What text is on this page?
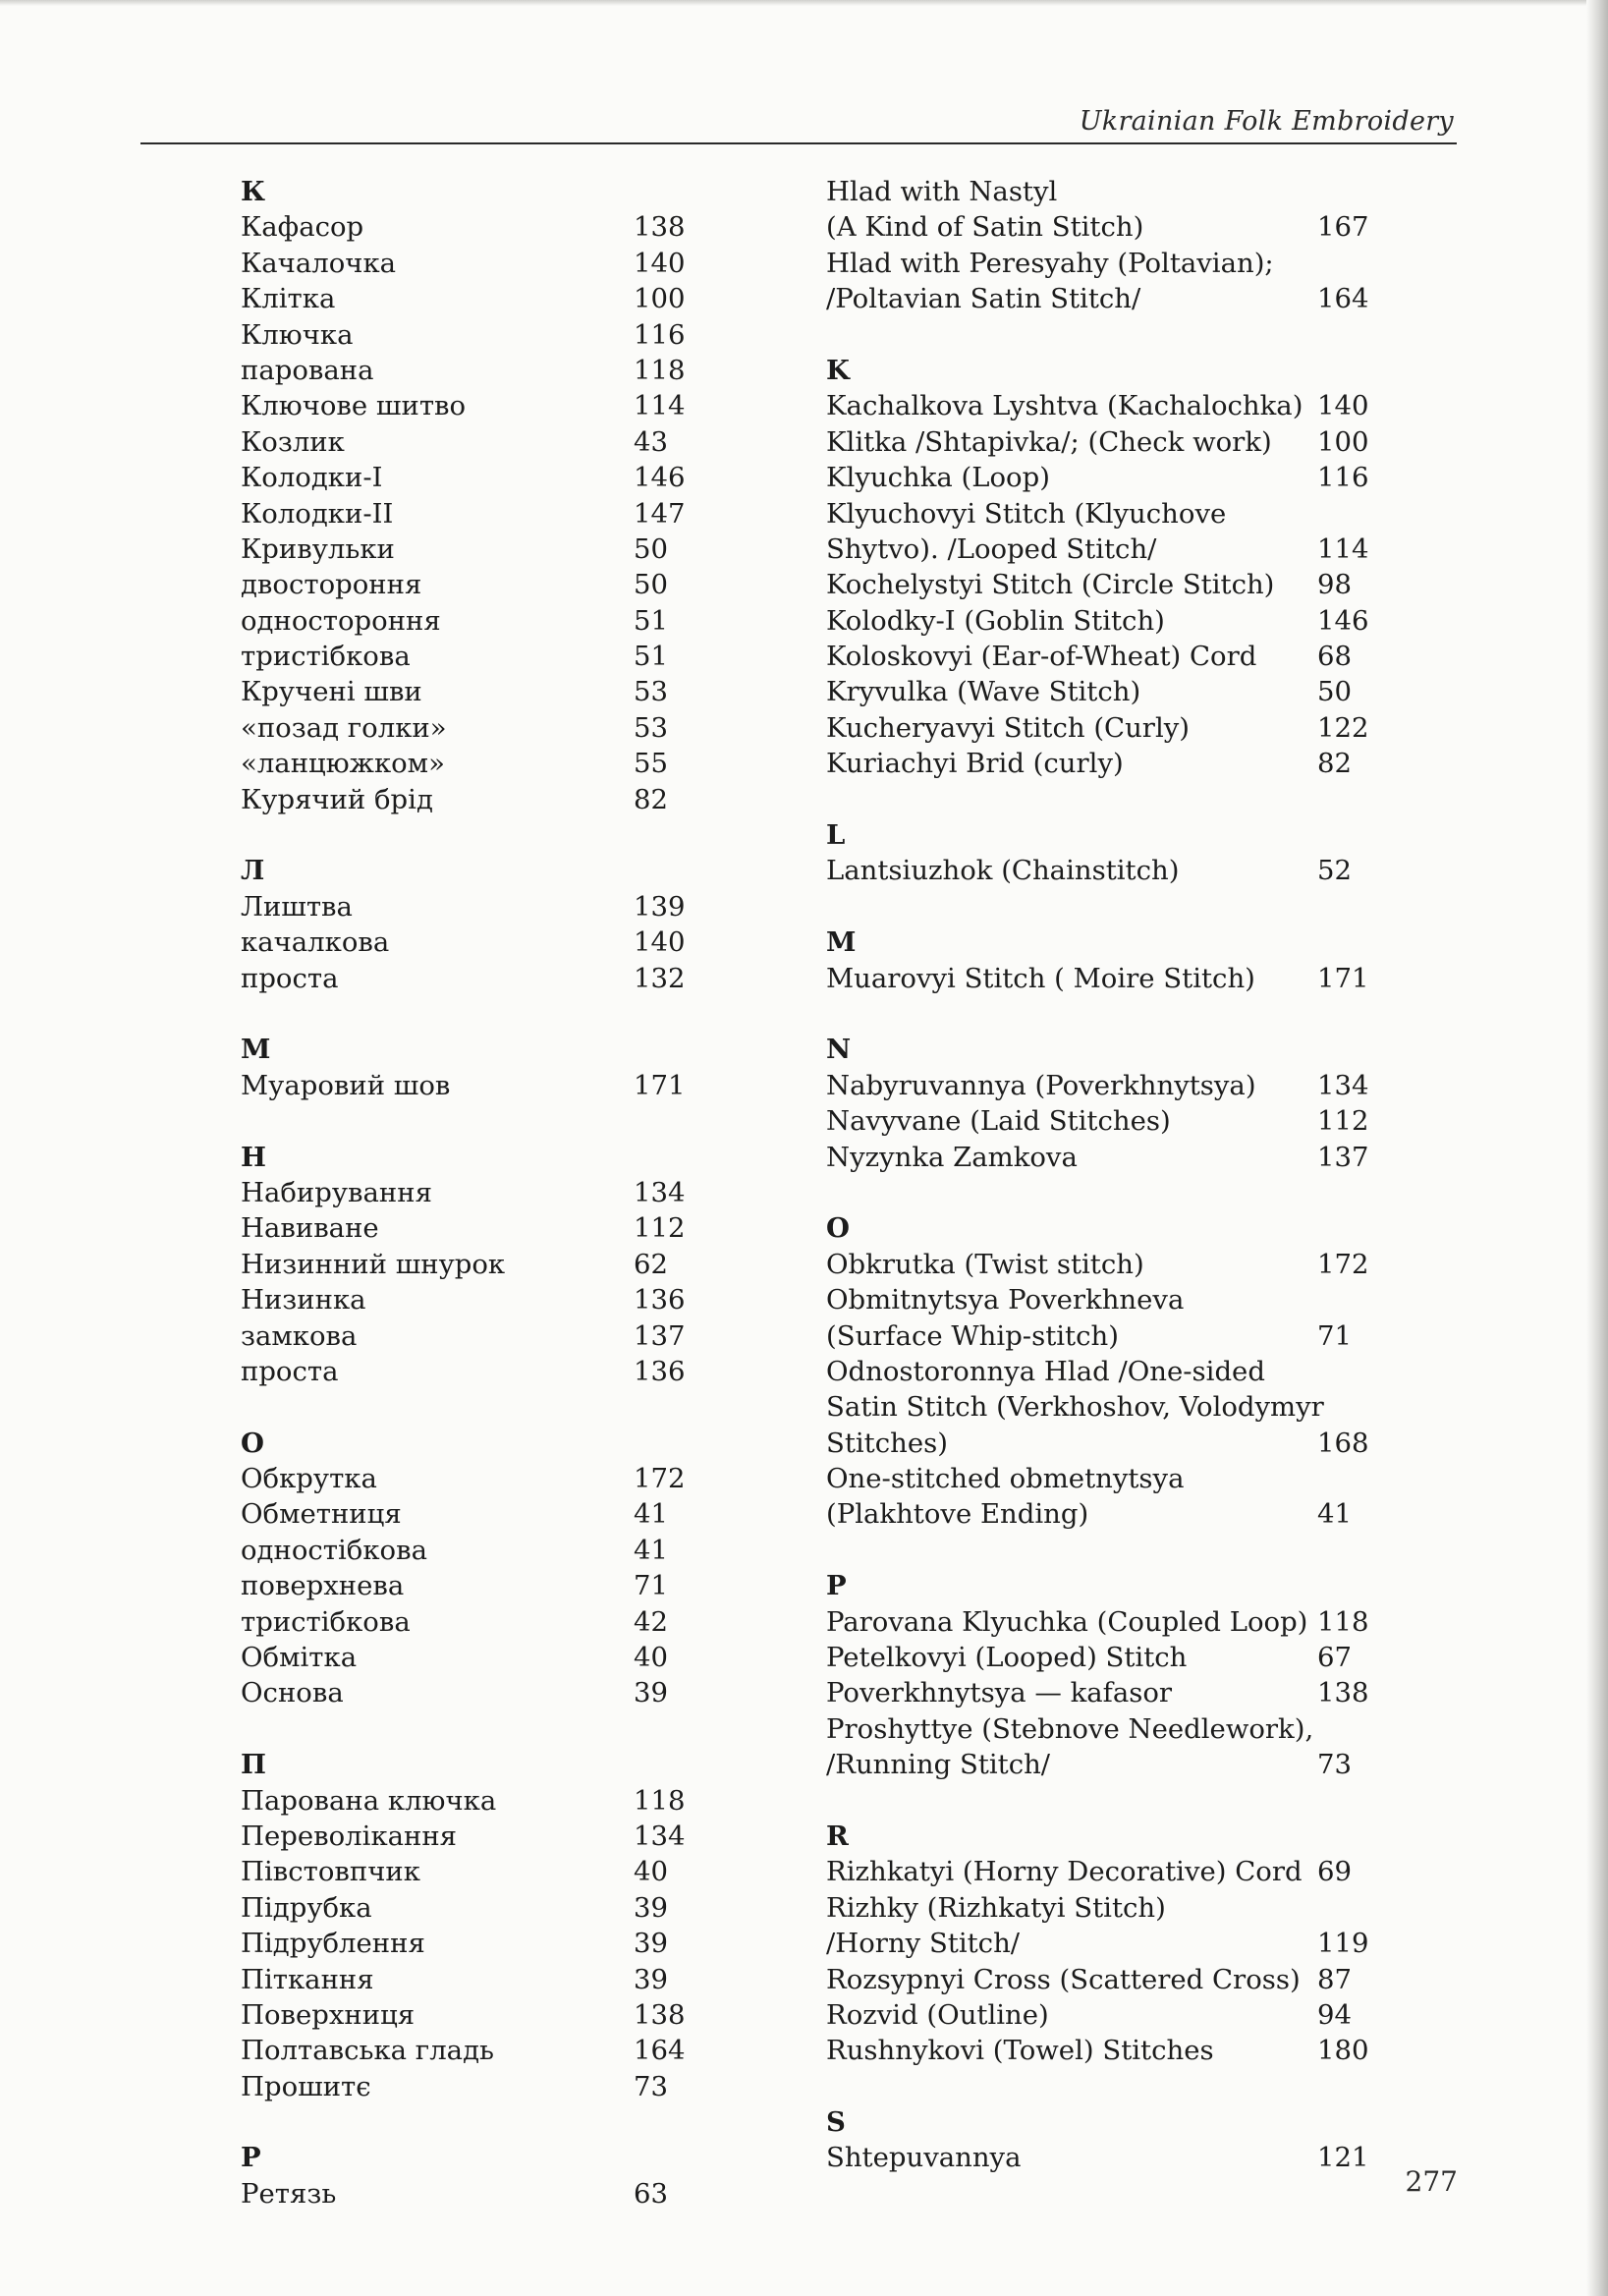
Ukrainian Folk Embroidery
К
Кафасор	138
Качалочка	140
Клітка	100
Ключка	116
парована	118
Ключове шитво	114
Козлик	43
Колодки-І	146
Колодки-ІІ	147
Кривульки	50
двостороння	50
одностороння	51
тристібкова	51
Кручені шви	53
«позад голки»	53
«ланцюжком»	55
Курячий брід	82
Л
Лиштва	139
качалкова	140
проста	132
М
Муаровий шов	171
Н
Набирування	134
Навиване	112
Низинний шнурок	62
Низинка	136
замкова	137
проста	136
О
Обкрутка	172
Обметниця	41
одностібкова	41
поверхнева	71
тристібкова	42
Обмітка	40
Основа	39
П
Парована ключка	118
Переволікання	134
Півстовпчик	40
Підрубка	39
Підрублення	39
Піткання	39
Поверхниця	138
Полтавська гладь	164
Прошитє	73
Р
Ретязь	63
Hlad with Nastyl
(A Kind of Satin Stitch)	167
Hlad with Peresyahy (Poltavian);
/Poltavian Satin Stitch/	164
K
Kachalkova Lyshtva (Kachalochka) 140
Klitka /Shtapivka/; (Check work) 100
Klyuchka (Loop)	116
Klyuchovyi Stitch (Klyuchove
Shytvo). /Looped Stitch/	114
Kochelystyi Stitch (Circle Stitch) 98
Kolodky-I (Goblin Stitch)	146
Koloskovyi (Ear-of-Wheat) Cord 68
Kryvulka (Wave Stitch)	50
Kucheryavyi Stitch (Curly)	122
Kuriachyi Brid (curly)	82
L
Lantsiuzhok (Chainstitch)	52
M
Muarovyi Stitch ( Moire Stitch) 171
N
Nabyruvannya (Poverkhnytsya) 134
Navyvane (Laid Stitches)	112
Nyzynka Zamkova	137
O
Obkrutka (Twist stitch)	172
Obmitnytsya Poverkhneva
(Surface Whip-stitch)	71
Odnostoronnya Hlad /One-sided
Satin Stitch (Verkhoshov, Volodymyr
Stitches)	168
One-stitched obmetnytsya
(Plakhtove Ending)	41
P
Parovana Klyuchka (Coupled Loop) 118
Petelkovyi (Looped) Stitch	67
Poverkhnytsya — kafasor	138
Proshyttye (Stebnove Needlework),
/Running Stitch/	73
R
Rizhkatyi (Horny Decorative) Cord 69
Rizhky (Rizhkatyi Stitch)
/Horny Stitch/	119
Rozsypnyi Cross (Scattered Cross) 87
Rozvid (Outline)	94
Rushnykovi (Towel) Stitches	180
S
Shtepuvannya	121
277
